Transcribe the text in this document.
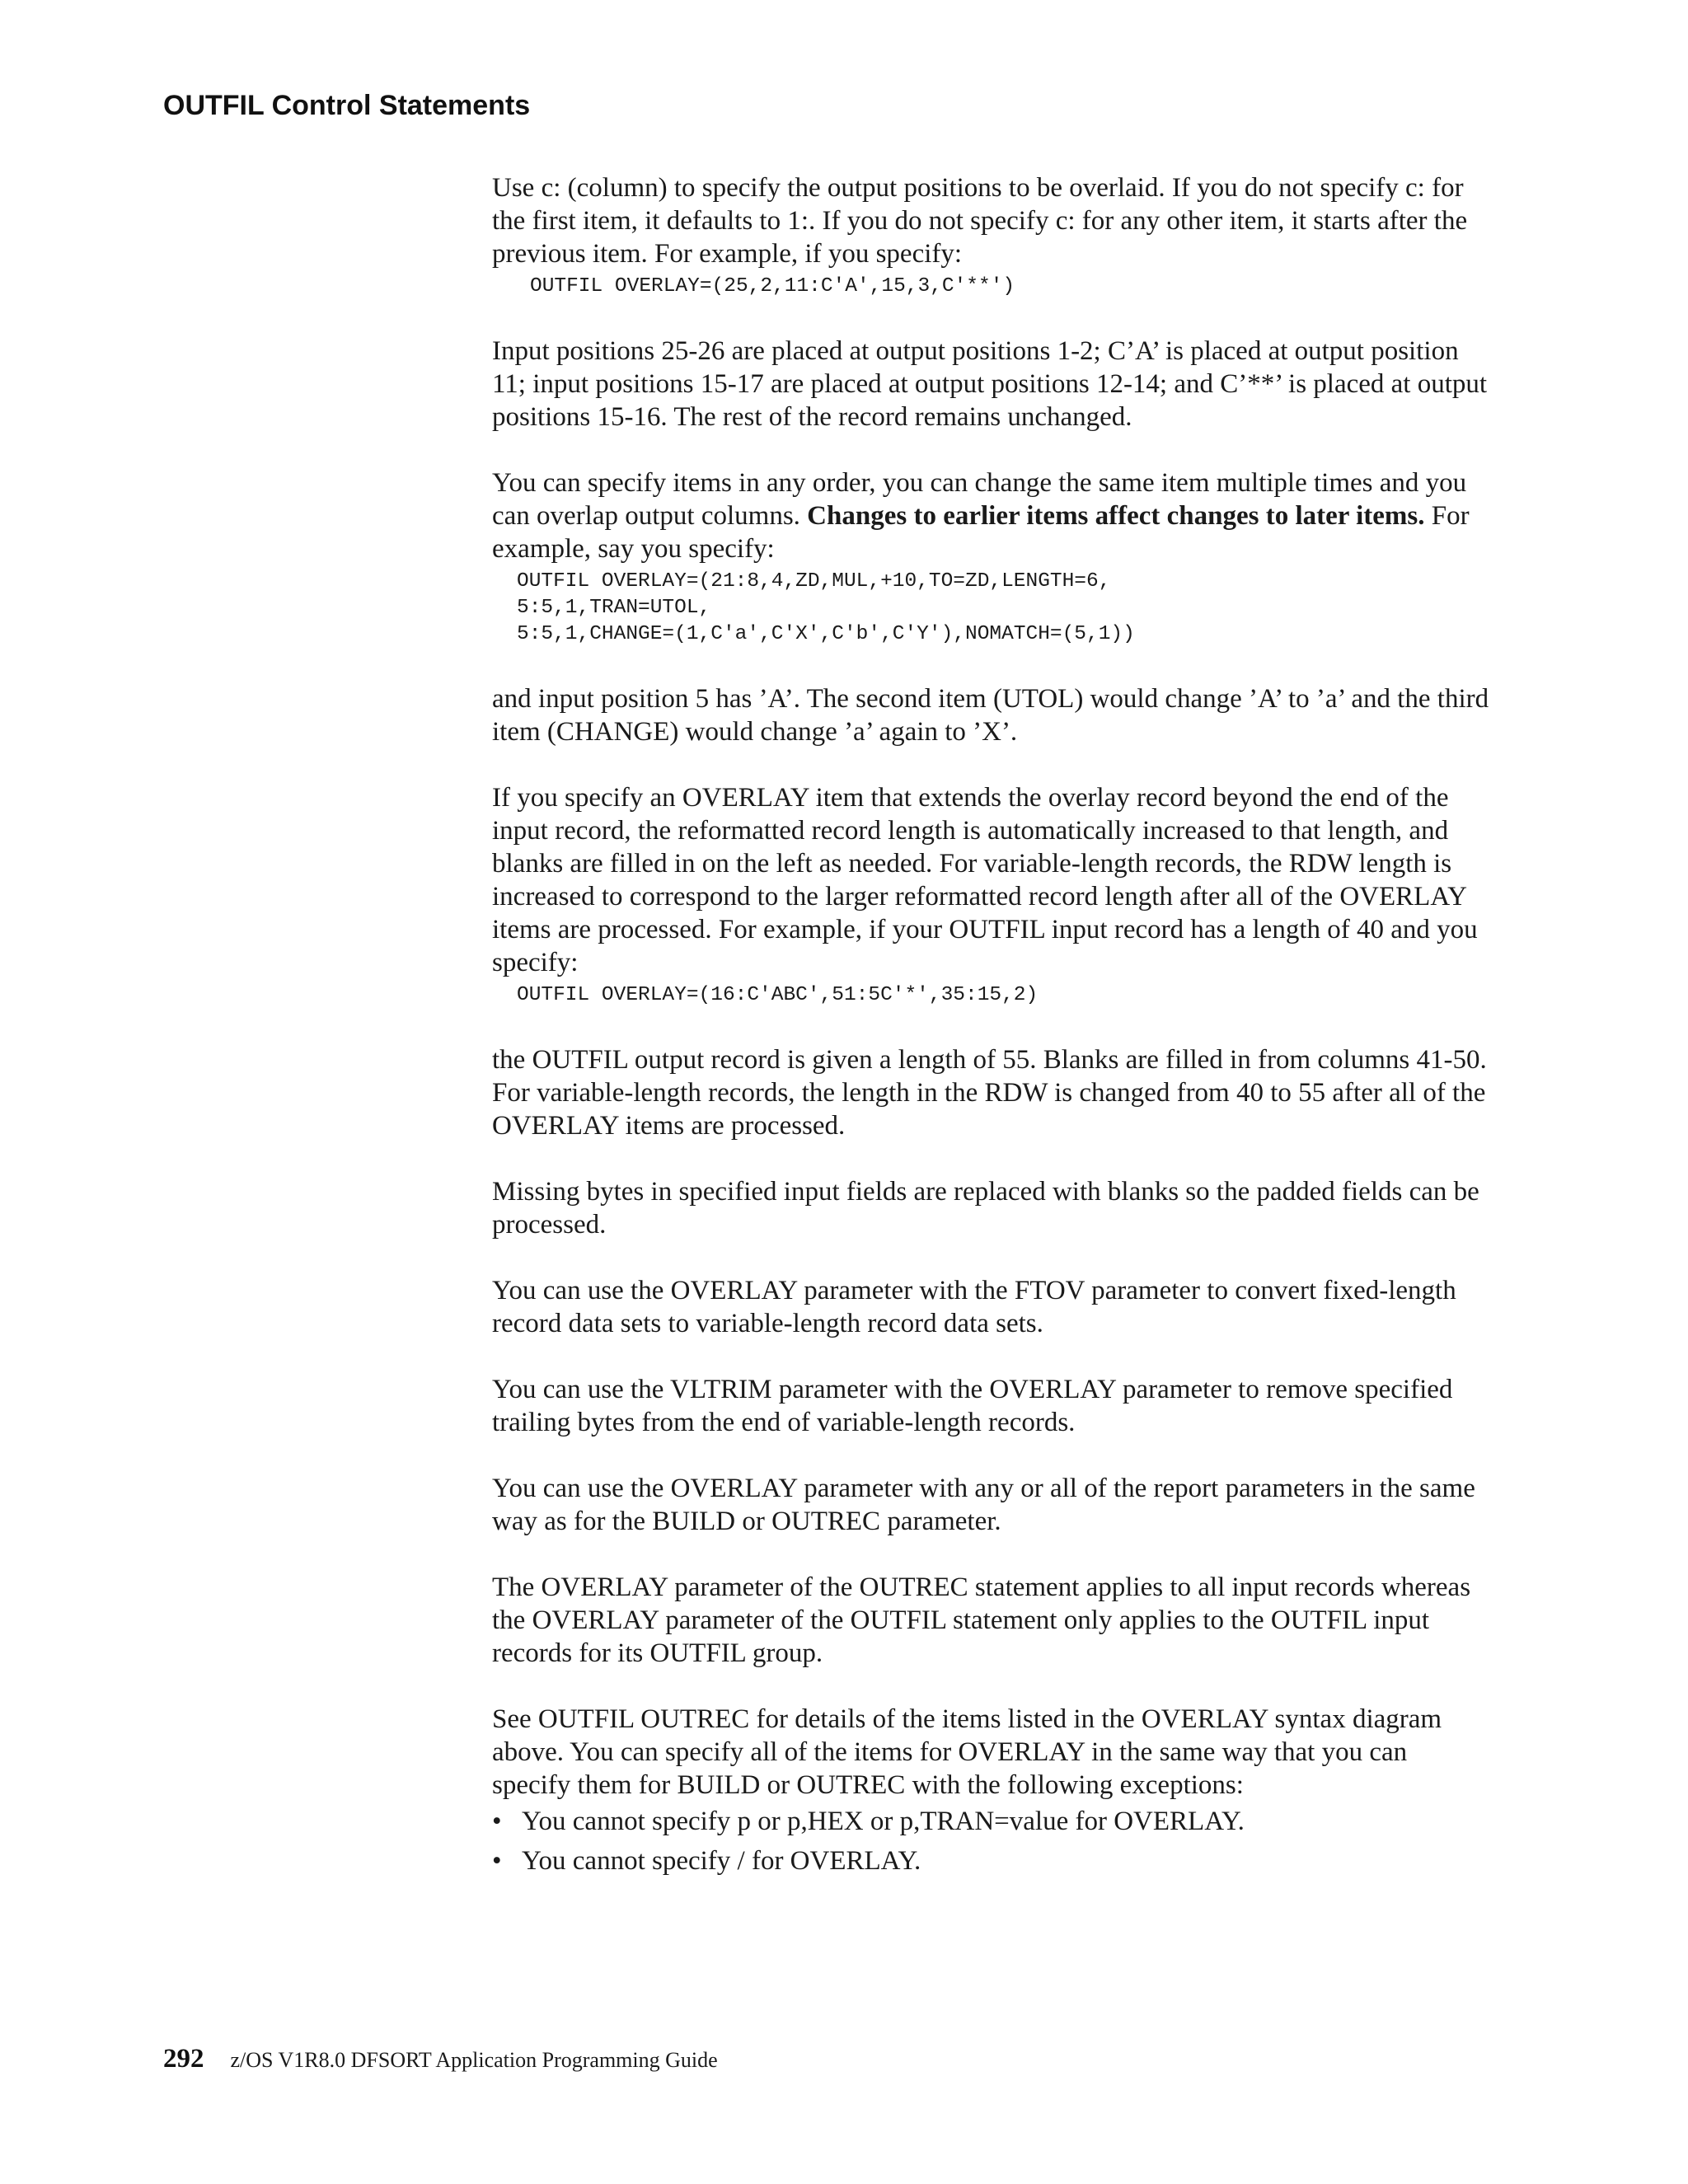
OUTFIL Control Statements

Use c: (column) to specify the output positions to be overlaid. If you do not specify c: for the first item, it defaults to 1:. If you do not specify c: for any other item, it starts after the previous item. For example, if you specify:

OUTFIL OVERLAY=(25,2,11:C'A',15,3,C'**')

Input positions 25-26 are placed at output positions 1-2; C’A’ is placed at output position 11; input positions 15-17 are placed at output positions 12-14; and C’**’ is placed at output positions 15-16. The rest of the record remains unchanged.

You can specify items in any order, you can change the same item multiple times and you can overlap output columns. Changes to earlier items affect changes to later items. For example, say you specify:

OUTFIL OVERLAY=(21:8,4,ZD,MUL,+10,TO=ZD,LENGTH=6,
5:5,1,TRAN=UTOL,
5:5,1,CHANGE=(1,C'a',C'X',C'b',C'Y'),NOMATCH=(5,1))

and input position 5 has ’A’. The second item (UTOL) would change ’A’ to ’a’ and the third item (CHANGE) would change ’a’ again to ’X’.

If you specify an OVERLAY item that extends the overlay record beyond the end of the input record, the reformatted record length is automatically increased to that length, and blanks are filled in on the left as needed. For variable-length records, the RDW length is increased to correspond to the larger reformatted record length after all of the OVERLAY items are processed. For example, if your OUTFIL input record has a length of 40 and you specify:

OUTFIL OVERLAY=(16:C'ABC',51:5C'*',35:15,2)

the OUTFIL output record is given a length of 55. Blanks are filled in from columns 41-50. For variable-length records, the length in the RDW is changed from 40 to 55 after all of the OVERLAY items are processed.

Missing bytes in specified input fields are replaced with blanks so the padded fields can be processed.

You can use the OVERLAY parameter with the FTOV parameter to convert fixed-length record data sets to variable-length record data sets.

You can use the VLTRIM parameter with the OVERLAY parameter to remove specified trailing bytes from the end of variable-length records.

You can use the OVERLAY parameter with any or all of the report parameters in the same way as for the BUILD or OUTREC parameter.

The OVERLAY parameter of the OUTREC statement applies to all input records whereas the OVERLAY parameter of the OUTFIL statement only applies to the OUTFIL input records for its OUTFIL group.

See OUTFIL OUTREC for details of the items listed in the OVERLAY syntax diagram above. You can specify all of the items for OVERLAY in the same way that you can specify them for BUILD or OUTREC with the following exceptions:

• You cannot specify p or p,HEX or p,TRAN=value for OVERLAY.
• You cannot specify / for OVERLAY.
292 z/OS V1R8.0 DFSORT Application Programming Guide
